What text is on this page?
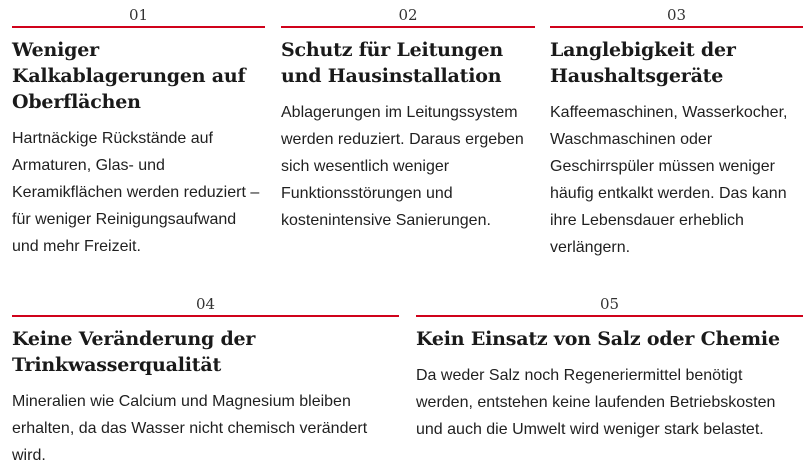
01
Weniger Kalkablagerungen auf Oberflächen

Hartnäckige Rückstände auf Armaturen, Glas- und Keramikflächen werden reduziert – für weniger Reinigungsaufwand und mehr Freizeit.

02
Schutz für Leitungen und Hausinstallation

Ablagerungen im Leitungssystem werden reduziert. Daraus ergeben sich wesentlich weniger Funktionsstörungen und kostenintensive Sanierungen.

03
Langlebigkeit der Haushaltsgeräte

Kaffeemaschinen, Wasserkocher, Waschmaschinen oder Geschirrspüler müssen weniger häufig entkalkt werden. Das kann ihre Lebensdauer erheblich verlängern.

04
Keine Veränderung der Trinkwasserqualität

Mineralien wie Calcium und Magnesium bleiben erhalten, da das Wasser nicht chemisch verändert wird.

05
Kein Einsatz von Salz oder Chemie

Da weder Salz noch Regeneriermittel benötigt werden, entstehen keine laufenden Betriebskosten und auch die Umwelt wird weniger stark belastet.
